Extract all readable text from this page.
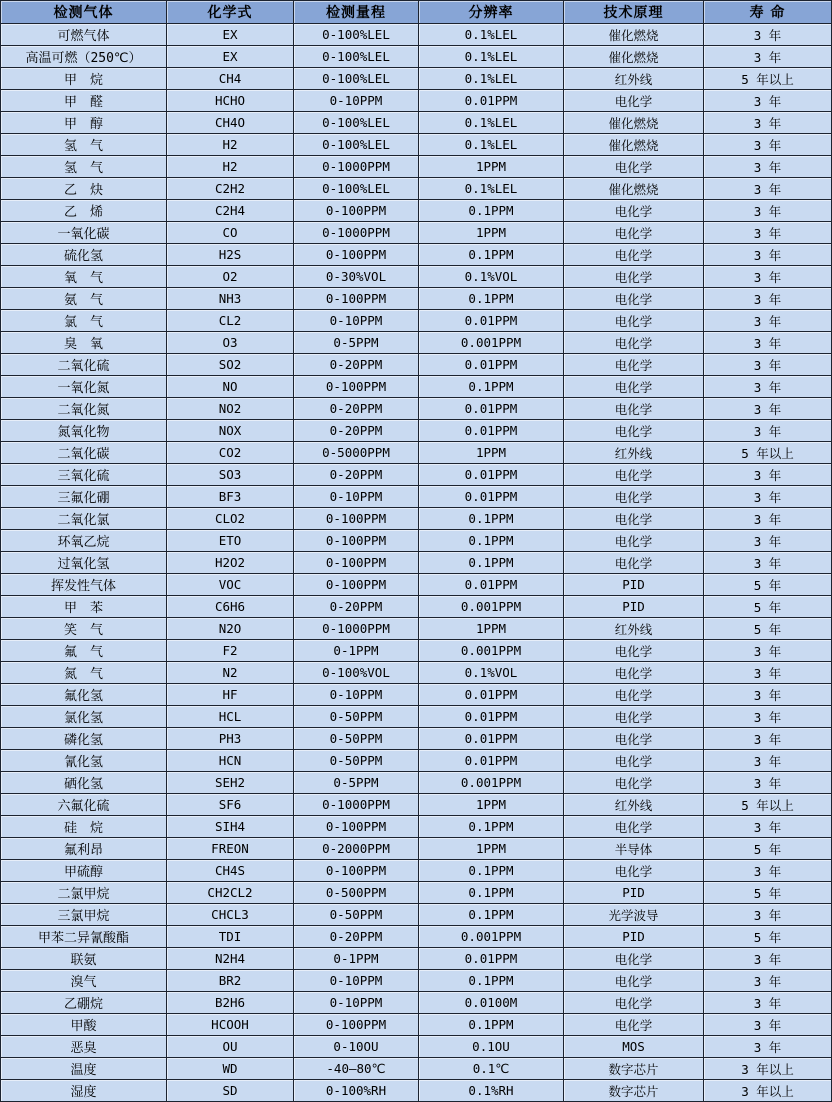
检测气体	化学式	检测量程	分辨率	技术原理	寿 命
可燃气体	EX	0-100%LEL	0.1%LEL	催化燃烧	3 年
高温可燃（250℃）	EX	0-100%LEL	0.1%LEL	催化燃烧	3 年
甲　烷	CH4	0-100%LEL	0.1%LEL	红外线	5 年以上
甲　醛	HCHO	0-10PPM	0.01PPM	电化学	3 年
甲　醇	CH4O	0-100%LEL	0.1%LEL	催化燃烧	3 年
氢　气	H2	0-100%LEL	0.1%LEL	催化燃烧	3 年
氢　气	H2	0-1000PPM	1PPM	电化学	3 年
乙　炔	C2H2	0-100%LEL	0.1%LEL	催化燃烧	3 年
乙　烯	C2H4	0-100PPM	0.1PPM	电化学	3 年
一氧化碳	CO	0-1000PPM	1PPM	电化学	3 年
硫化氢	H2S	0-100PPM	0.1PPM	电化学	3 年
氧　气	O2	0-30%VOL	0.1%VOL	电化学	3 年
氨　气	NH3	0-100PPM	0.1PPM	电化学	3 年
氯　气	CL2	0-10PPM	0.01PPM	电化学	3 年
臭　氧	O3	0-5PPM	0.001PPM	电化学	3 年
二氧化硫	SO2	0-20PPM	0.01PPM	电化学	3 年
一氧化氮	NO	0-100PPM	0.1PPM	电化学	3 年
二氧化氮	NO2	0-20PPM	0.01PPM	电化学	3 年
氮氧化物	NOX	0-20PPM	0.01PPM	电化学	3 年
二氧化碳	CO2	0-5000PPM	1PPM	红外线	5 年以上
三氧化硫	SO3	0-20PPM	0.01PPM	电化学	3 年
三氟化硼	BF3	0-10PPM	0.01PPM	电化学	3 年
二氧化氯	CLO2	0-100PPM	0.1PPM	电化学	3 年
环氧乙烷	ETO	0-100PPM	0.1PPM	电化学	3 年
过氧化氢	H2O2	0-100PPM	0.1PPM	电化学	3 年
挥发性气体	VOC	0-100PPM	0.01PPM	PID	5 年
甲　苯	C6H6	0-20PPM	0.001PPM	PID	5 年
笑　气	N2O	0-1000PPM	1PPM	红外线	5 年
氟　气	F2	0-1PPM	0.001PPM	电化学	3 年
氮　气	N2	0-100%VOL	0.1%VOL	电化学	3 年
氟化氢	HF	0-10PPM	0.01PPM	电化学	3 年
氯化氢	HCL	0-50PPM	0.01PPM	电化学	3 年
磷化氢	PH3	0-50PPM	0.01PPM	电化学	3 年
氰化氢	HCN	0-50PPM	0.01PPM	电化学	3 年
硒化氢	SEH2	0-5PPM	0.001PPM	电化学	3 年
六氟化硫	SF6	0-1000PPM	1PPM	红外线	5 年以上
硅　烷	SIH4	0-100PPM	0.1PPM	电化学	3 年
氟利昂	FREON	0-2000PPM	1PPM	半导体	5 年
甲硫醇	CH4S	0-100PPM	0.1PPM	电化学	3 年
二氯甲烷	CH2CL2	0-500PPM	0.1PPM	PID	5 年
三氯甲烷	CHCL3	0-50PPM	0.1PPM	光学波导	3 年
甲苯二异氰酸酯	TDI	0-20PPM	0.001PPM	PID	5 年
联氨	N2H4	0-1PPM	0.01PPM	电化学	3 年
溴气	BR2	0-10PPM	0.1PPM	电化学	3 年
乙硼烷	B2H6	0-10PPM	0.0100M	电化学	3 年
甲酸	HCOOH	0-100PPM	0.1PPM	电化学	3 年
恶臭	OU	0-10OU	0.1OU	MOS	3 年
温度	WD	-40—80℃	0.1℃	数字芯片	3 年以上
湿度	SD	0-100%RH	0.1%RH	数字芯片	3 年以上
